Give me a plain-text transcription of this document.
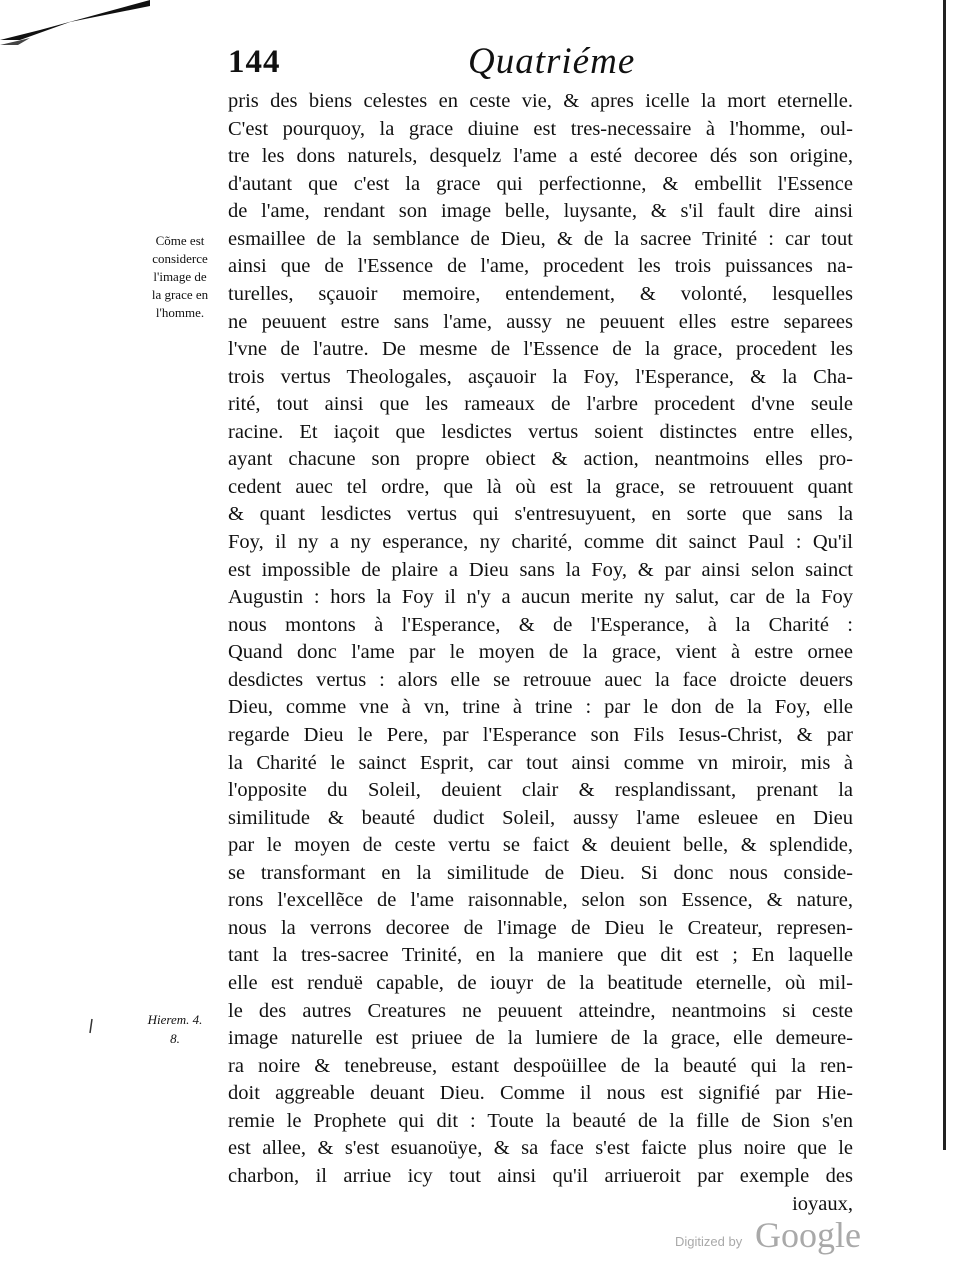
144	Quatriéme
Cõme est
considerce
l'image de
la grace en
l'homme.
Hierem. 4.
8.
pris des biens celestes en ceste vie, & apres icelle la mort eternelle.
C'est pourquoy, la grace diuine est tres-necessaire à l'homme, oul-
tre les dons naturels, desquelz l'ame a esté decoree dés son origine,
d'autant que c'est la grace qui perfectionne, & embellit l'Essence
de l'ame, rendant son image belle, luysante, & s'il fault dire ainsi
esmaillee de la semblance de Dieu, & de la sacree Trinité : car tout
ainsi que de l'Essence de l'ame, procedent les trois puissances na-
turelles, sçauoir memoire, entendement, & volonté, lesquelles
ne peuuent estre sans l'ame, aussy ne peuuent elles estre separees
l'vne de l'autre. De mesme de l'Essence de la grace, procedent les
trois vertus Theologales, asçauoir la Foy, l'Esperance, & la Cha-
rité, tout ainsi que les rameaux de l'arbre procedent d'vne seule
racine. Et iaçoit que lesdictes vertus soient distinctes entre elles,
ayant chacune son propre obiect & action, neantmoins elles pro-
cedent auec tel ordre, que là où est la grace, se retrouuent quant
& quant lesdictes vertus qui s'entresuyuent, en sorte que sans la
Foy, il ny a ny esperance, ny charité, comme dit sainct Paul : Qu'il
est impossible de plaire a Dieu sans la Foy, & par ainsi selon sainct
Augustin : hors la Foy il n'y a aucun merite ny salut, car de la Foy
nous montons à l'Esperance, & de l'Esperance, à la Charité :
Quand donc l'ame par le moyen de la grace, vient à estre ornee
desdictes vertus : alors elle se retrouue auec la face droicte deuers
Dieu, comme vne à vn, trine à trine : par le don de la Foy, elle
regarde Dieu le Pere, par l'Esperance son Fils Iesus-Christ, & par
la Charité le sainct Esprit, car tout ainsi comme vn miroir, mis à
l'opposite du Soleil, deuient clair & resplandissant, prenant la
similitude & beauté dudict Soleil, aussy l'ame esleuee en Dieu
par le moyen de ceste vertu se faict & deuient belle, & splendide,
se transformant en la similitude de Dieu. Si donc nous conside-
rons l'excellẽce de l'ame raisonnable, selon son Essence, & nature,
nous la verrons decoree de l'image de Dieu le Createur, represen-
tant la tres-sacree Trinité, en la maniere que dit est ; En laquelle
elle est renduë capable, de iouyr de la beatitude eternelle, où mil-
le des autres Creatures ne peuuent atteindre, neantmoins si ceste
image naturelle est priuee de la lumiere de la grace, elle demeure-
ra noire & tenebreuse, estant despoüillee de la beauté qui la ren-
doit aggreable deuant Dieu. Comme il nous est signifié par Hie-
remie le Prophete qui dit : Toute la beauté de la fille de Sion s'en
est allee, & s'est esuanoüye, & sa face s'est faicte plus noire que le
charbon, il arriue icy tout ainsi qu'il arriueroit par exemple des
ioyaux,
Digitized by Google
